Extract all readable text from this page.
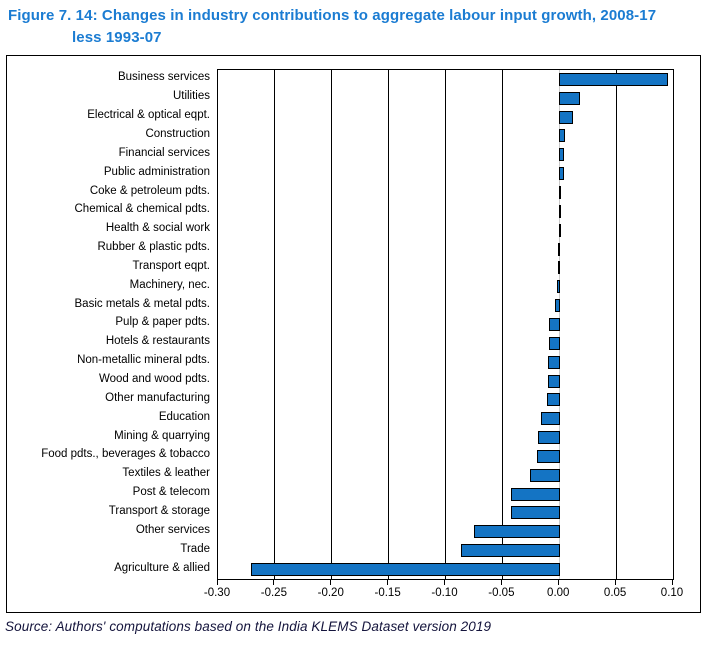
Figure 7. 14: Changes in industry contributions to aggregate labour input growth, 2008-17
less 1993-07
Business services
Utilities
Electrical & optical eqpt.
Construction
Financial services
Public administration
Coke & petroleum pdts.
Chemical & chemical pdts.
Health & social work
Rubber & plastic pdts.
Transport eqpt.
Machinery, nec.
Basic metals & metal pdts.
Pulp & paper pdts.
Hotels & restaurants
Non-metallic mineral pdts.
Wood and wood pdts.
Other manufacturing
Education
Mining & quarrying
Food pdts., beverages & tobacco
Textiles & leather
Post & telecom
Transport & storage
Other services
Trade
Agriculture & allied
-0.30	-0.25	-0.20	-0.15	-0.10	-0.05	0.00	0.05	0.10
Source: Authors' computations based on the India KLEMS Dataset version 2019
